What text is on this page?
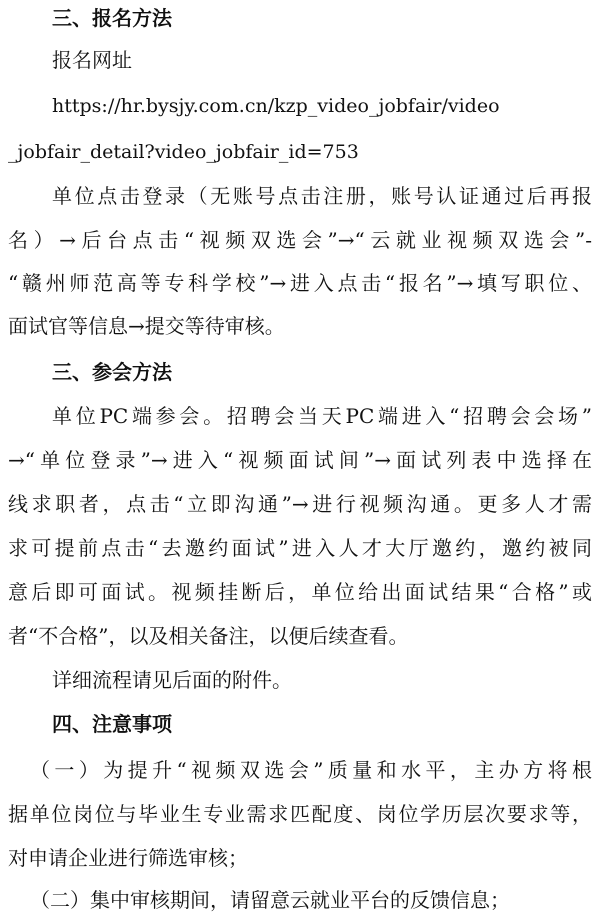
三、报名方法
报名网址
https://hr.bysjy.com.cn/kzp_video_jobfair/video
_jobfair_detail?video_jobfair_id=753
单位点击登录（无账号点击注册，账号认证通过后再报
名）→后台点击“视频双选会”→“云就业视频双选会”-
“赣州师范高等专科学校”→进入点击“报名”→填写职位、
面试官等信息→提交等待审核。
三、参会方法
单位PC端参会。招聘会当天PC端进入“招聘会会场”
→“单位登录”→进入“视频面试间”→面试列表中选择在
线求职者，点击“立即沟通”→进行视频沟通。更多人才需
求可提前点击“去邀约面试”进入人才大厅邀约，邀约被同
意后即可面试。视频挂断后，单位给出面试结果“合格”或
者“不合格”，以及相关备注，以便后续查看。
详细流程请见后面的附件。
四、注意事项
（一）为提升“视频双选会”质量和水平，主办方将根
据单位岗位与毕业生专业需求匹配度、岗位学历层次要求等，
对申请企业进行筛选审核；
（二）集中审核期间，请留意云就业平台的反馈信息；
